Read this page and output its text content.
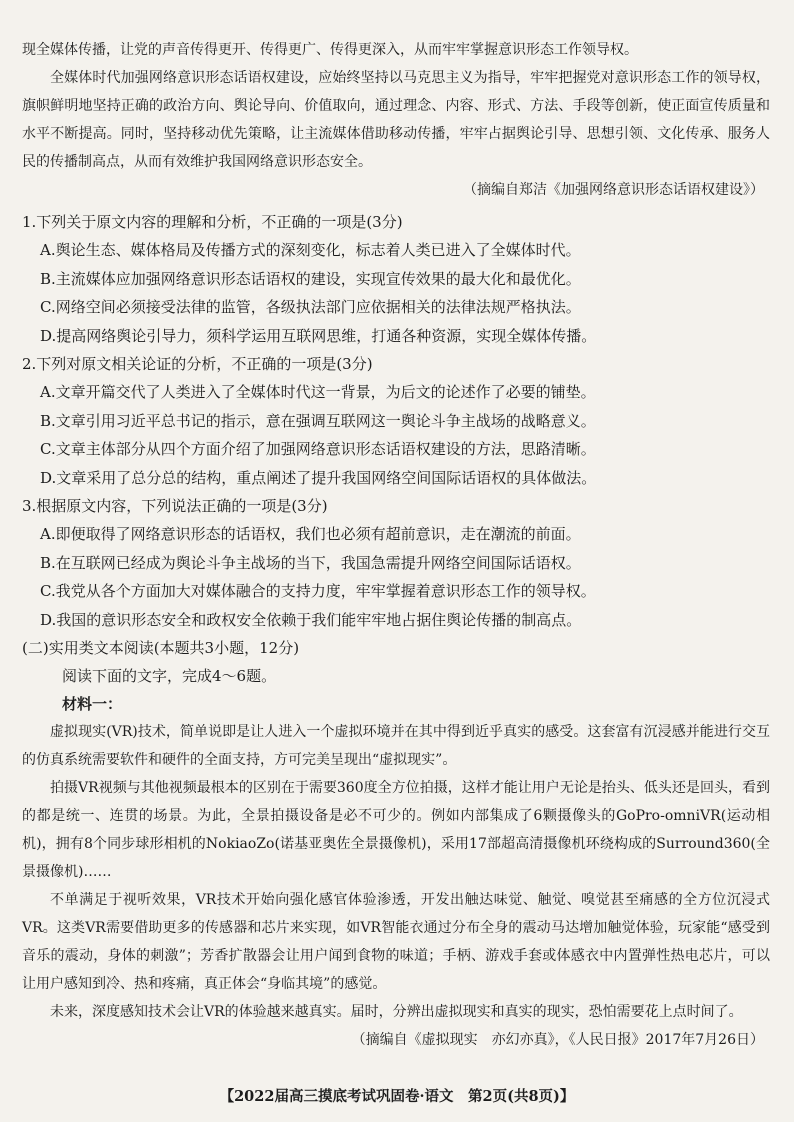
现全媒体传播，让党的声音传得更开、传得更广、传得更深入，从而牢牢掌握意识形态工作领导权。

全媒体时代加强网络意识形态话语权建设，应始终坚持以马克思主义为指导，牢牢把握党对意识形态工作的领导权，旗帜鲜明地坚持正确的政治方向、舆论导向、价值取向，通过理念、内容、形式、方法、手段等创新，使正面宣传质量和水平不断提高。同时，坚持移动优先策略，让主流媒体借助移动传播，牢牢占据舆论引导、思想引领、文化传承、服务人民的传播制高点，从而有效维护我国网络意识形态安全。

（摘编自郑洁《加强网络意识形态话语权建设》）

1.下列关于原文内容的理解和分析，不正确的一项是(3分)

A.舆论生态、媒体格局及传播方式的深刻变化，标志着人类已进入了全媒体时代。

B.主流媒体应加强网络意识形态话语权的建设，实现宣传效果的最大化和最优化。

C.网络空间必须接受法律的监管，各级执法部门应依据相关的法律法规严格执法。

D.提高网络舆论引导力，须科学运用互联网思维，打通各种资源，实现全媒体传播。

2.下列对原文相关论证的分析，不正确的一项是(3分)

A.文章开篇交代了人类进入了全媒体时代这一背景，为后文的论述作了必要的铺垫。

B.文章引用习近平总书记的指示，意在强调互联网这一舆论斗争主战场的战略意义。

C.文章主体部分从四个方面介绍了加强网络意识形态话语权建设的方法，思路清晰。

D.文章采用了总分总的结构，重点阐述了提升我国网络空间国际话语权的具体做法。

3.根据原文内容，下列说法正确的一项是(3分)

A.即便取得了网络意识形态的话语权，我们也必须有超前意识，走在潮流的前面。

B.在互联网已经成为舆论斗争主战场的当下，我国急需提升网络空间国际话语权。

C.我党从各个方面加大对媒体融合的支持力度，牢牢掌握着意识形态工作的领导权。

D.我国的意识形态安全和政权安全依赖于我们能牢牢地占据住舆论传播的制高点。

(二)实用类文本阅读(本题共3小题，12分)

阅读下面的文字，完成4～6题。

材料一：

虚拟现实(VR)技术，简单说即是让人进入一个虚拟环境并在其中得到近乎真实的感受。这套富有沉浸感并能进行交互的仿真系统需要软件和硬件的全面支持，方可完美呈现出“虚拟现实”。

拍摄VR视频与其他视频最根本的区别在于需要360度全方位拍摄，这样才能让用户无论是抬头、低头还是回头，看到的都是统一、连贯的场景。为此，全景拍摄设备是必不可少的。例如内部集成了6颗摄像头的GoPro-omniVR(运动相机)，拥有8个同步球形相机的NokiaoZo(诺基亚奥佐全景摄像机)，采用17部超高清摄像机环绕构成的Surround360(全景摄像机)……

不单满足于视听效果，VR技术开始向强化感官体验渗透，开发出触达味觉、触觉、嗅觉甚至痛感的全方位沉浸式VR。这类VR需要借助更多的传感器和芯片来实现，如VR智能衣通过分布全身的震动马达增加触觉体验，玩家能“感受到音乐的震动，身体的刺激”；芳香扩散器会让用户闻到食物的味道；手柄、游戏手套或体感衣中内置弹性热电芯片，可以让用户感知到冷、热和疼痛，真正体会“身临其境”的感觉。

未来，深度感知技术会让VR的体验越来越真实。届时，分辨出虚拟现实和真实的现实，恐怕需要花上点时间了。

（摘编自《虚拟现实　亦幻亦真》，《人民日报》2017年7月26日）

【2022届高三摸底考试巩固卷·语文　第2页(共8页)】
